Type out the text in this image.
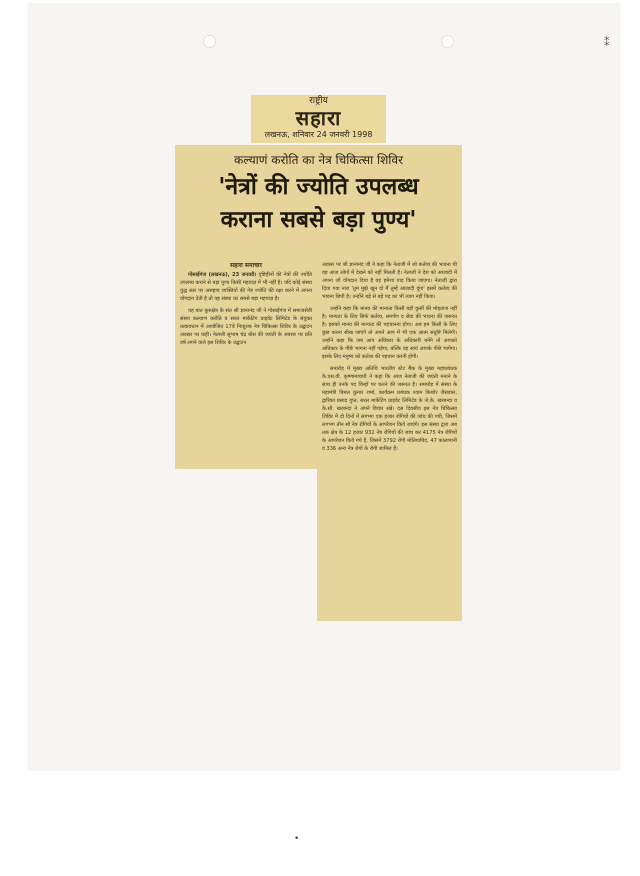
⁑
राष्ट्रीय
सहारा
लखनऊ, शनिवार 24 जनवरी 1998
कल्याणं करोति का नेत्र चिकित्सा शिविर
'नेत्रों की ज्योति उपलब्ध
कराना सबसे बड़ा पुण्य'
सहारा समाचार

गोसाईगंज (लखनऊ), 23 जनवरी। दृष्टिहीनों की नेत्रों की ज्योति उपलब्ध कराने से बड़ा पुण्य किसी महायज्ञ में भी नहीं है। यदि कोई संस्था युद्ध स्तर पर असहाय व्यक्तियों की नेत्र ज्योति की रक्षा करने में अपना योगदान देती है तो वह संस्था का सबसे बड़ा महायज्ञ है।

यह बात कुरुक्षेत्र के संत श्री ज्ञानानंद जी ने गोसाईगंज में समाजसेवी संस्था कल्याणं करोति व सरल मार्केटिंग प्राइवेट लिमिटेड के संयुक्त तत्वावधान में आयोजित 17वें निःशुल्क नेत्र चिकित्सा शिविर के उद्घाटन अवसर पर कही। नेताजी सुभाष चंद्र बोस की जयंती के अवसर पर प्रति वर्ष लगने वाले इस शिविर के उद्घाटन

अवसर पर श्री ज्ञानानंद जी ने कहा कि नेताजी में जो कर्तव्य की भावना थी वह आज लोगों में देखने को नहीं मिलती है। नेताजी ने देश को आजादी में अपना जो योगदान दिया है वह हमेशा याद किया जाएगा। नेताजी द्वारा दिया गया नारा 'तुम मुझे खून दो मैं तुम्हें आजादी दूंगा' इसमें कर्तव्य की भावना छिपी है। उन्होंने बड़े से बड़े पद का भी त्याग नहीं किया।

उन्होंने कहा कि मानव की मान्यता किसी बड़ी कुर्सी की मोहताज नहीं है। मान्यता के लिए सिर्फ कर्तव्य, समर्पण व सेवा की भावना की जरूरत है। इसको मानव की मान्यता की पहचानना होगा। अब हम किसी के लिए कुछ करना सीख जाएंगे तो अपने आप में भी एक आत्म संतुष्टि मिलेगी। उन्होंने कहा कि जब आप अधिकार के अधिकारी बनेंगे तो आपको अधिकार के पीछे भागना नहीं पड़ेगा, बल्कि वह स्वयं आपके पीछे भागेगा। इसके लिए मनुष्य को कर्तव्य की पहचान करनी होगी।

समारोह में मुख्य अतिथि भारतीय स्टेट बैंक के मुख्य महाप्रबंधक के.एस.वी. कृष्णामाचारी ने कहा कि आज नेताजी की जयंती मनाने के साथ ही उनके पद चिन्हों पर चलने की जरूरत है। समारोह में संस्था के महामंत्री बिमल कुमार शर्मा, कार्यक्रम प्रबंधक श्याम किशोर जैसवाल, द्वारिका प्रसाद गुप्त, सरल मार्केटिंग प्राइवेट लिमिटेड के जे.के. खरबन्दा व के.सी. खरबन्दा ने अपने विचार रखे। दस दिवसीय इस नेत्र चिकित्सा शिविर में दो दिनों में लगभग एक हजार रोगियों की जांच की गयी, जिसमें लगभग तीन सौ नेत्र रोगियों के आपरेशन किये जाएंगे। इस संस्था द्वारा अब तक क्षेत्र के 12 हजार 932 नेत्र रोगियों की जांच कर 4175 नेत्र रोगियों के आपरेशन किये गये हैं, जिसमें 3792 रोगी मोतियाबिंद, 47 कालापानी व 336 अन्य नेत्र रोगों के रोगी शामिल हैं।

•
